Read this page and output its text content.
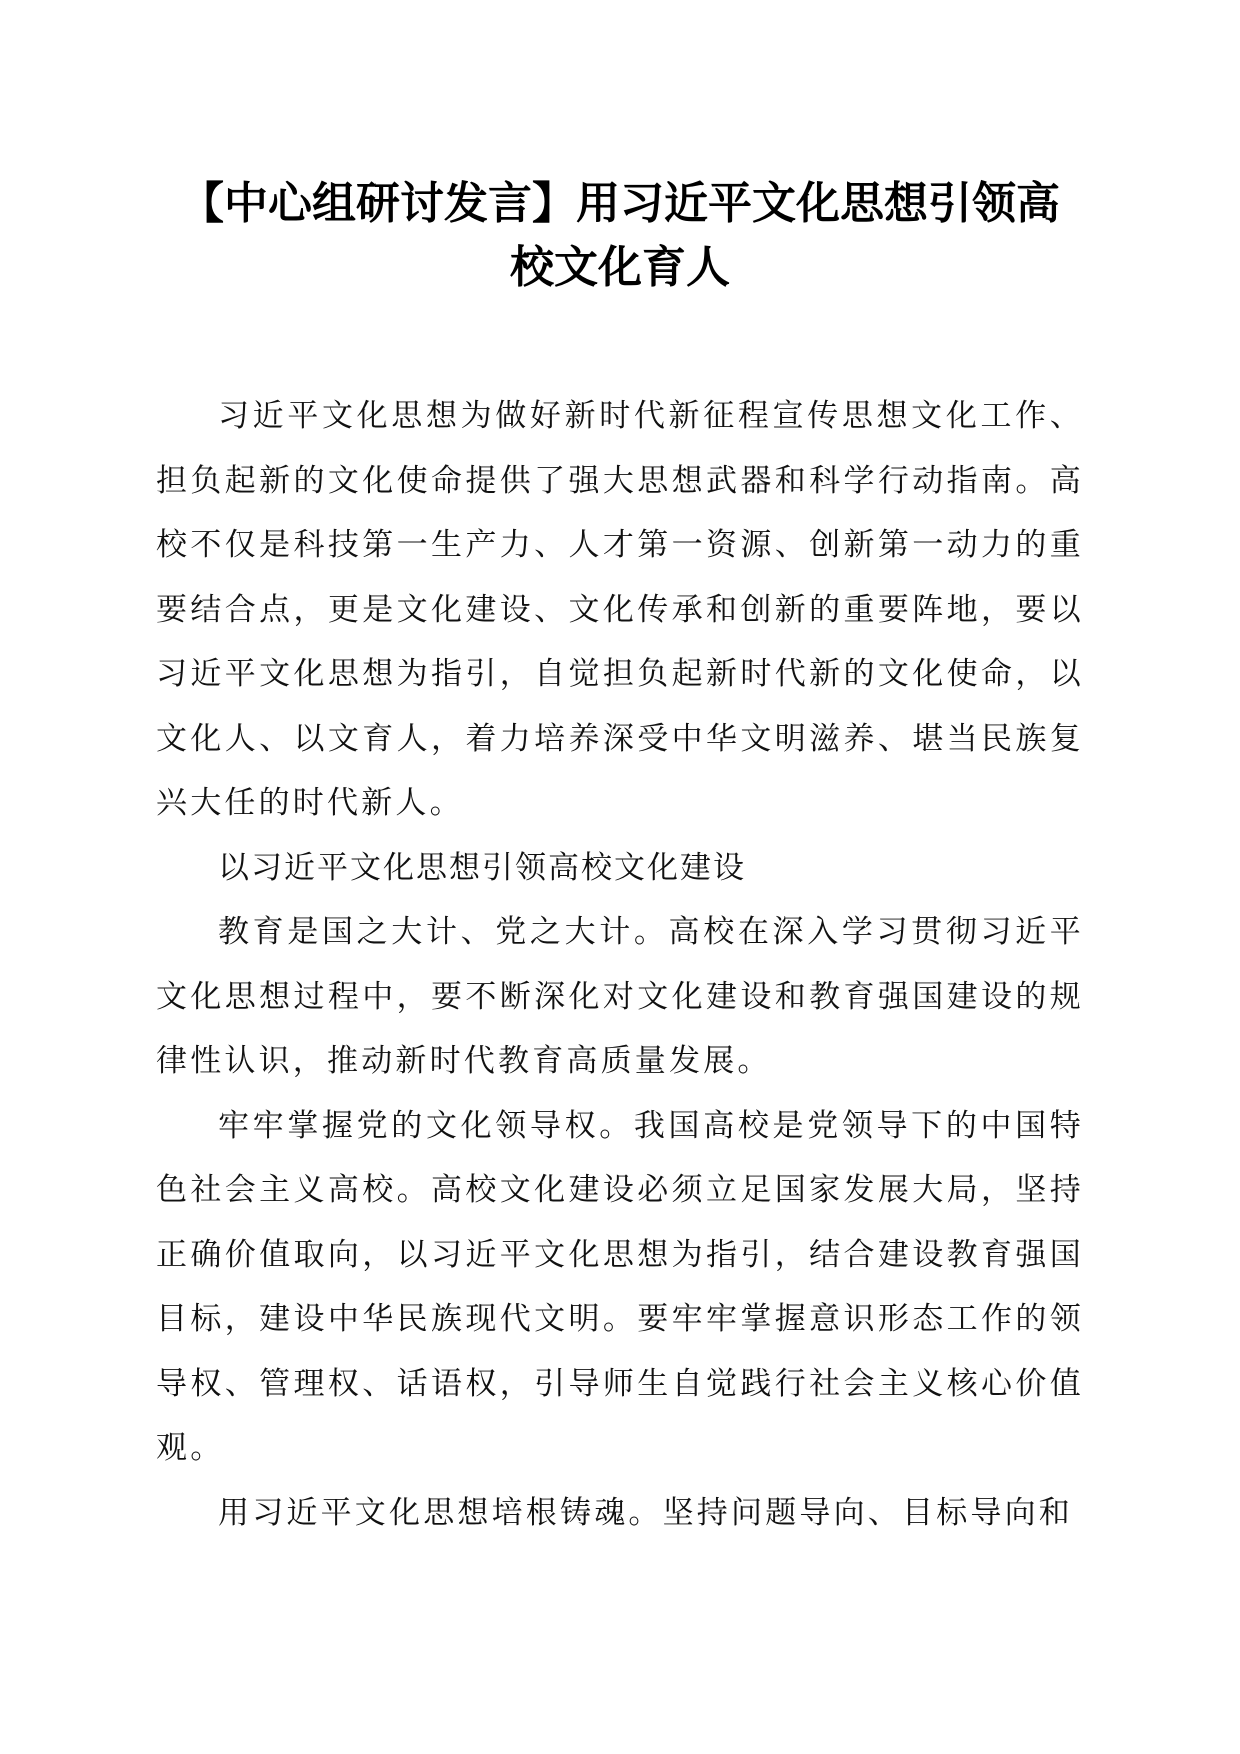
【中心组研讨发言】用习近平文化思想引领高
校文化育人

习近平文化思想为做好新时代新征程宣传思想文化工作、担负起新的文化使命提供了强大思想武器和科学行动指南。高校不仅是科技第一生产力、人才第一资源、创新第一动力的重要结合点，更是文化建设、文化传承和创新的重要阵地，要以习近平文化思想为指引，自觉担负起新时代新的文化使命，以文化人、以文育人，着力培养深受中华文明滋养、堪当民族复兴大任的时代新人。

以习近平文化思想引领高校文化建设

教育是国之大计、党之大计。高校在深入学习贯彻习近平文化思想过程中，要不断深化对文化建设和教育强国建设的规律性认识，推动新时代教育高质量发展。

牢牢掌握党的文化领导权。我国高校是党领导下的中国特色社会主义高校。高校文化建设必须立足国家发展大局，坚持正确价值取向，以习近平文化思想为指引，结合建设教育强国目标，建设中华民族现代文明。要牢牢掌握意识形态工作的领导权、管理权、话语权，引导师生自觉践行社会主义核心价值观。

用习近平文化思想培根铸魂。坚持问题导向、目标导向和
